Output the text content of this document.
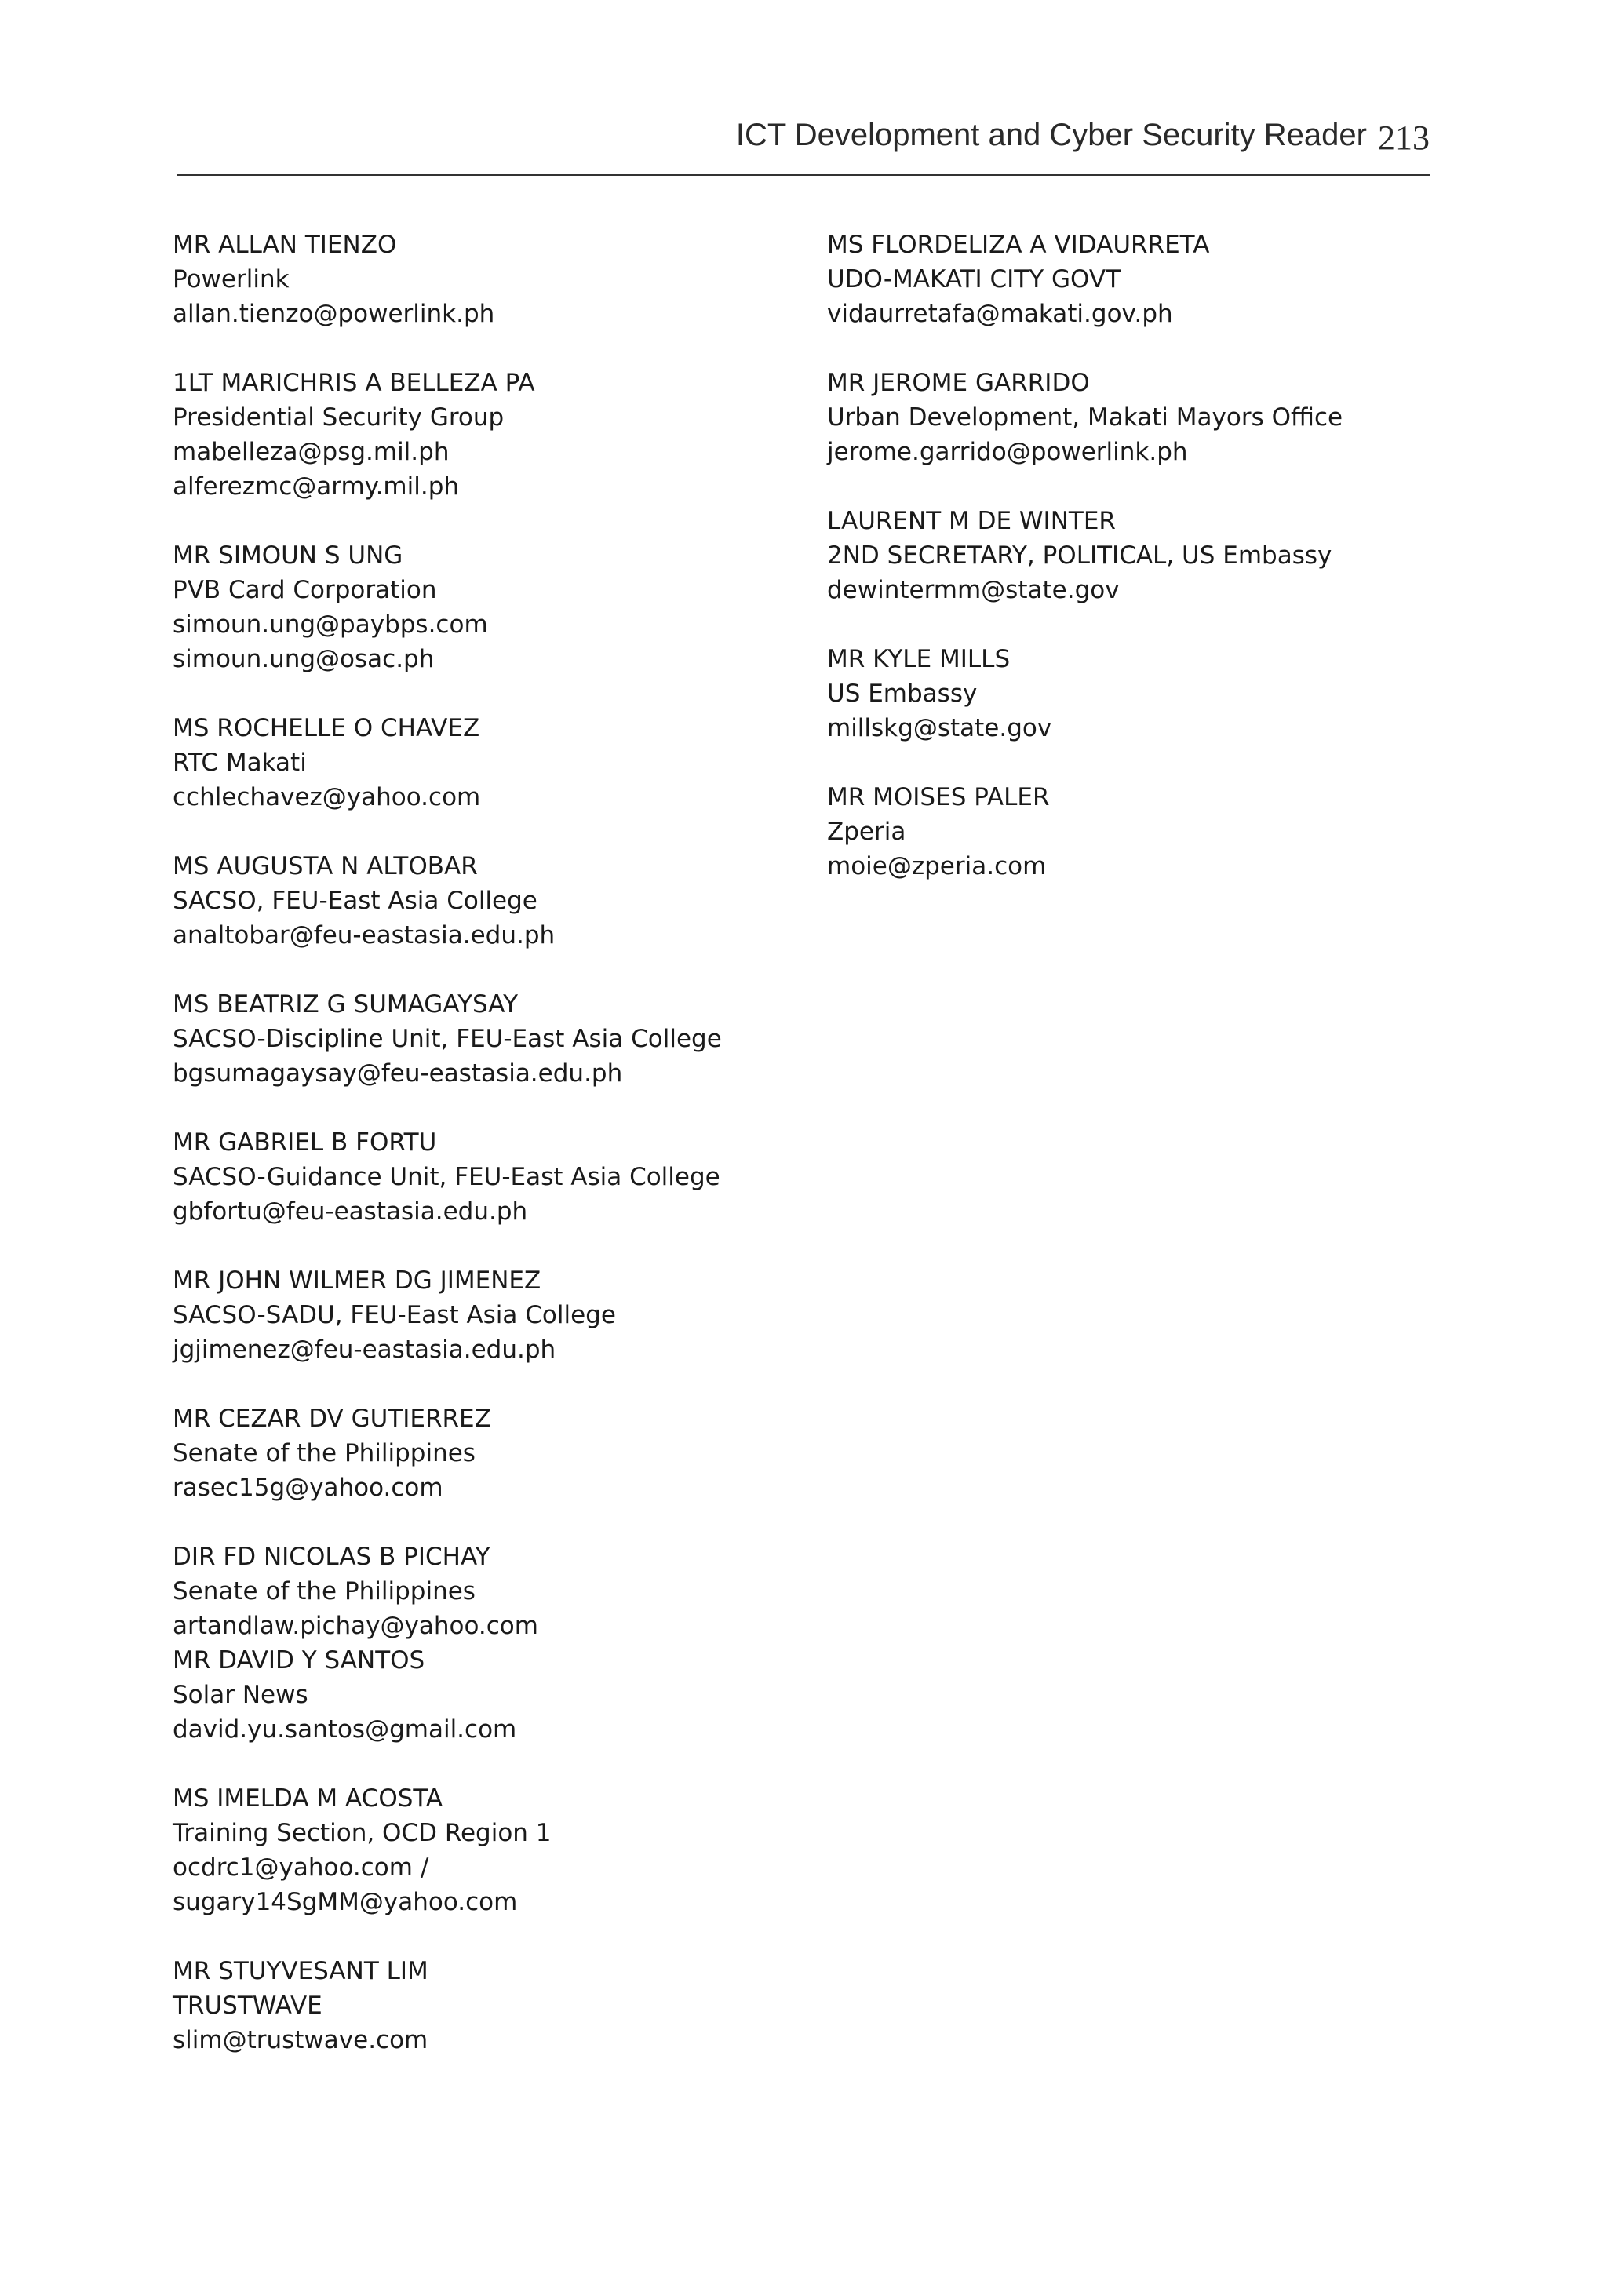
ICT Development and Cyber Security Reader 213
MR ALLAN TIENZO
Powerlink
allan.tienzo@powerlink.ph
1LT MARICHRIS A BELLEZA PA
Presidential Security Group
mabelleza@psg.mil.ph
alferezmc@army.mil.ph
MR SIMOUN S UNG
PVB Card Corporation
simoun.ung@paybps.com
simoun.ung@osac.ph
MS ROCHELLE O CHAVEZ
RTC Makati
cchlechavez@yahoo.com
MS AUGUSTA N ALTOBAR
SACSO, FEU-East Asia College
analtobar@feu-eastasia.edu.ph
MS BEATRIZ G SUMAGAYSAY
SACSO-Discipline Unit, FEU-East Asia College
bgsumagaysay@feu-eastasia.edu.ph
MR GABRIEL B FORTU
SACSO-Guidance Unit, FEU-East Asia College
gbfortu@feu-eastasia.edu.ph
MR JOHN WILMER DG JIMENEZ
SACSO-SADU, FEU-East Asia College
jgjimenez@feu-eastasia.edu.ph
MR CEZAR DV GUTIERREZ
Senate of the Philippines
rasec15g@yahoo.com
DIR FD NICOLAS B PICHAY
Senate of the Philippines
artandlaw.pichay@yahoo.com
MR DAVID Y SANTOS
Solar News
david.yu.santos@gmail.com
MS IMELDA M ACOSTA
Training Section, OCD Region 1
ocdrc1@yahoo.com /
sugary14SgMM@yahoo.com
MR STUYVESANT LIM
TRUSTWAVE
slim@trustwave.com
MS FLORDELIZA A VIDAURRETA
UDO-MAKATI CITY GOVT
vidaurretafa@makati.gov.ph
MR JEROME GARRIDO
Urban Development, Makati Mayors Office
jerome.garrido@powerlink.ph
LAURENT M DE WINTER
2ND SECRETARY, POLITICAL, US Embassy
dewintermm@state.gov
MR KYLE MILLS
US Embassy
millskg@state.gov
MR MOISES PALER
Zperia
moie@zperia.com
